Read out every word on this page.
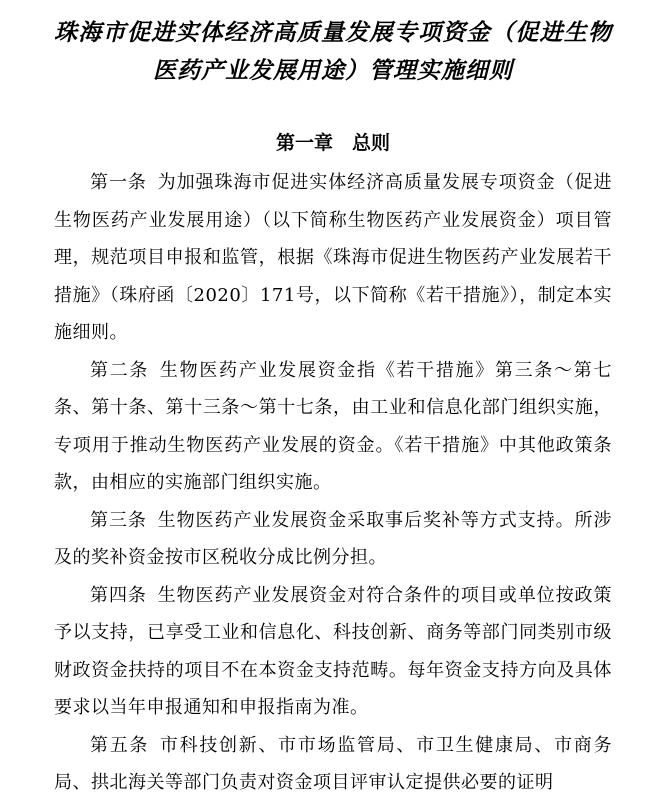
珠海市促进实体经济高质量发展专项资金（促进生物医药产业发展用途）管理实施细则
第一章　总则

第一条 为加强珠海市促进实体经济高质量发展专项资金（促进生物医药产业发展用途）（以下简称生物医药产业发展资金）项目管理，规范项目申报和监管，根据《珠海市促进生物医药产业发展若干措施》（珠府函〔2020〕171号，以下简称《若干措施》），制定本实施细则。

第二条 生物医药产业发展资金指《若干措施》第三条～第七条、第十条、第十三条～第十七条，由工业和信息化部门组织实施，专项用于推动生物医药产业发展的资金。《若干措施》中其他政策条款，由相应的实施部门组织实施。

第三条 生物医药产业发展资金采取事后奖补等方式支持。所涉及的奖补资金按市区税收分成比例分担。

第四条 生物医药产业发展资金对符合条件的项目或单位按政策予以支持，已享受工业和信息化、科技创新、商务等部门同类别市级财政资金扶持的项目不在本资金支持范畴。每年资金支持方向及具体要求以当年申报通知和申报指南为准。

第五条 市科技创新、市市场监管局、市卫生健康局、市商务局、拱北海关等部门负责对资金项目评审认定提供必要的证明
